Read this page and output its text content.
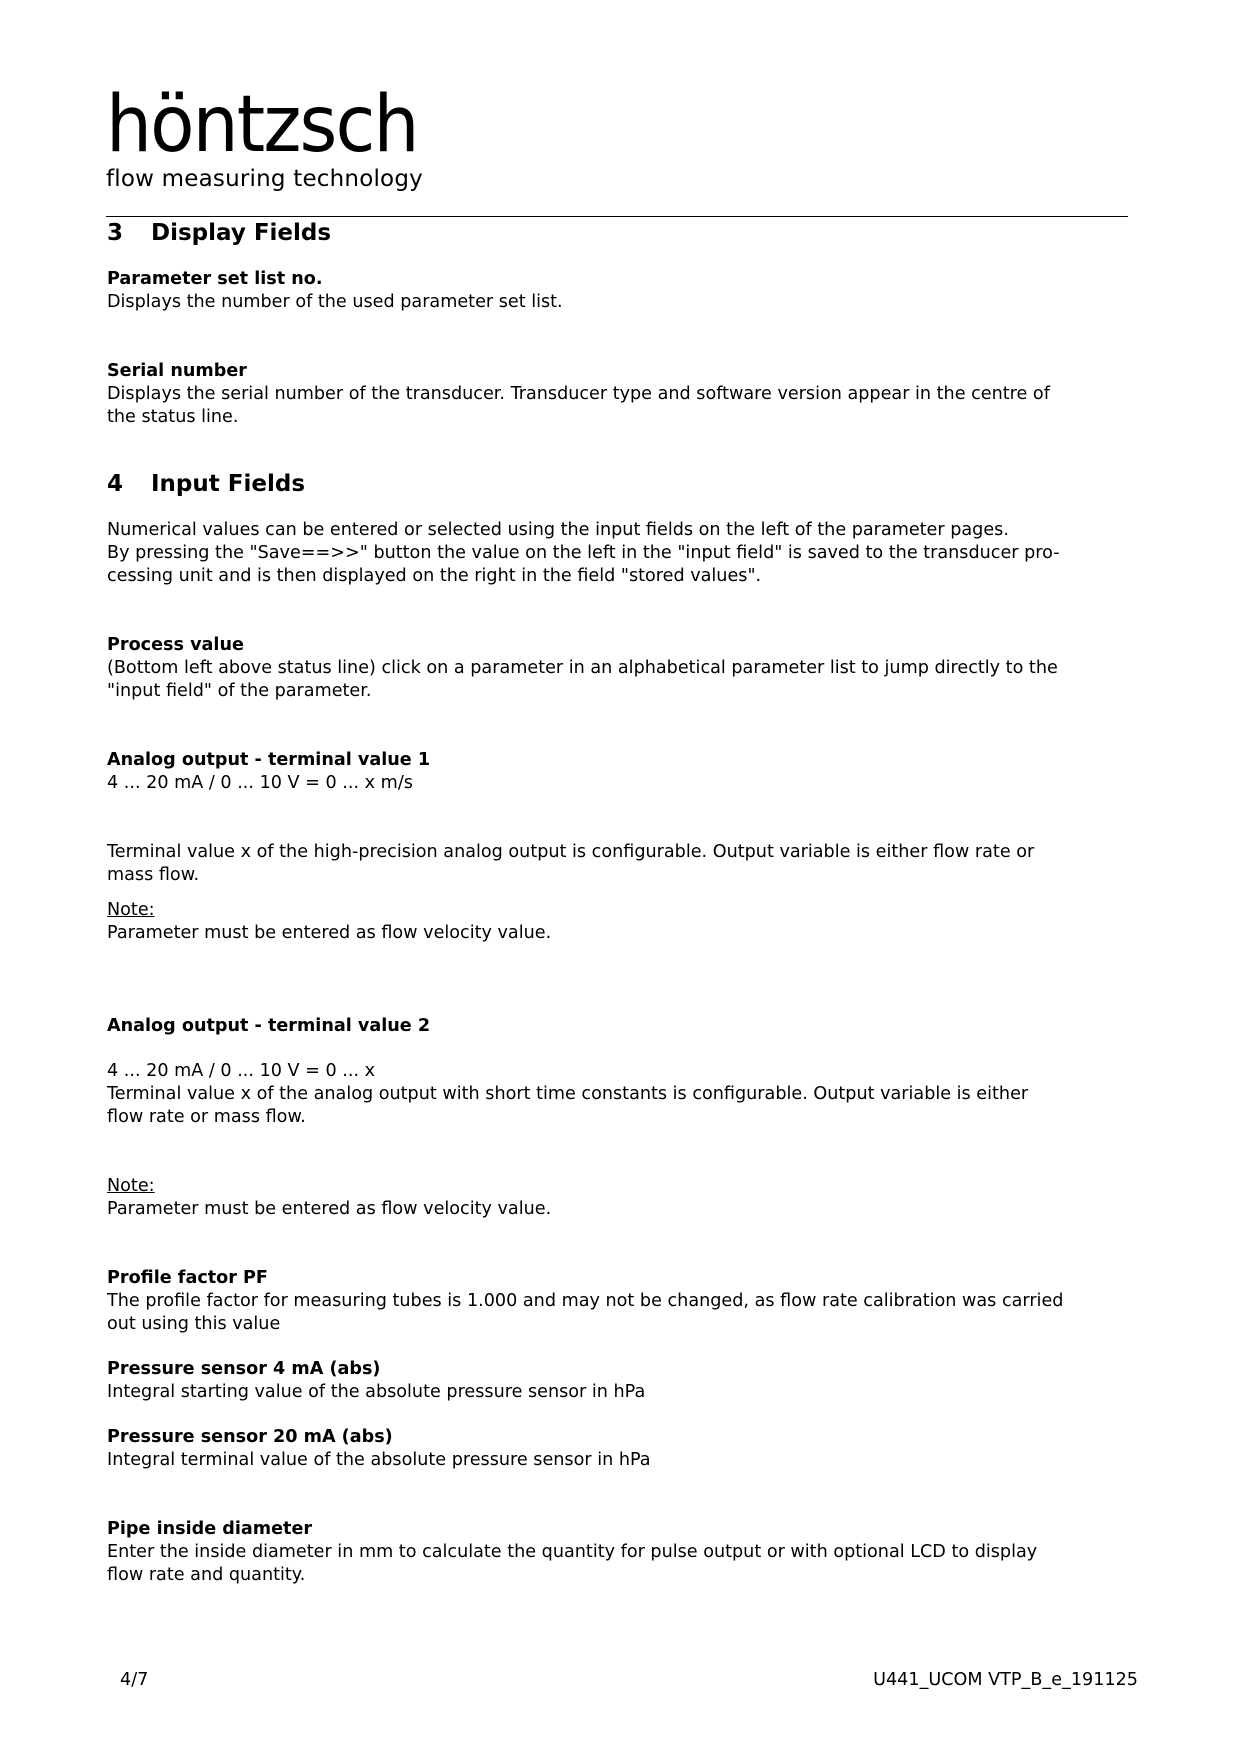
höntzsch
flow measuring technology
3	Display Fields

Parameter set list no.

Displays the number of the used parameter set list.

Serial number

Displays the serial number of the transducer. Transducer type and software version appear in the centre of

the status line.

4	Input Fields

Numerical values can be entered or selected using the input fields on the left of the parameter pages.

By pressing the "Save==>>" button the value on the left in the "input field" is saved to the transducer pro-

cessing unit and is then displayed on the right in the field "stored values".

Process value

(Bottom left above status line) click on a parameter in an alphabetical parameter list to jump directly to the

"input field" of the parameter.

Analog output - terminal value 1

4 ... 20 mA / 0 ... 10 V = 0 ... x m/s

Terminal value x of the high-precision analog output is configurable. Output variable is either flow rate or

mass flow.

Note:

Parameter must be entered as flow velocity value.

Analog output - terminal value 2

4 ... 20 mA / 0 ... 10 V = 0 ... x

Terminal value x of the analog output with short time constants is configurable. Output variable is either

flow rate or mass flow.

Note:

Parameter must be entered as flow velocity value.

Profile factor PF

The profile factor for measuring tubes is 1.000 and may not be changed, as flow rate calibration was carried

out using this value

Pressure sensor 4 mA (abs)

Integral starting value of the absolute pressure sensor in hPa

Pressure sensor 20 mA (abs)

Integral terminal value of the absolute pressure sensor in hPa

Pipe inside diameter

Enter the inside diameter in mm to calculate the quantity for pulse output or with optional LCD to display

flow rate and quantity.

4/7	U441_UCOM VTP_B_e_191125
